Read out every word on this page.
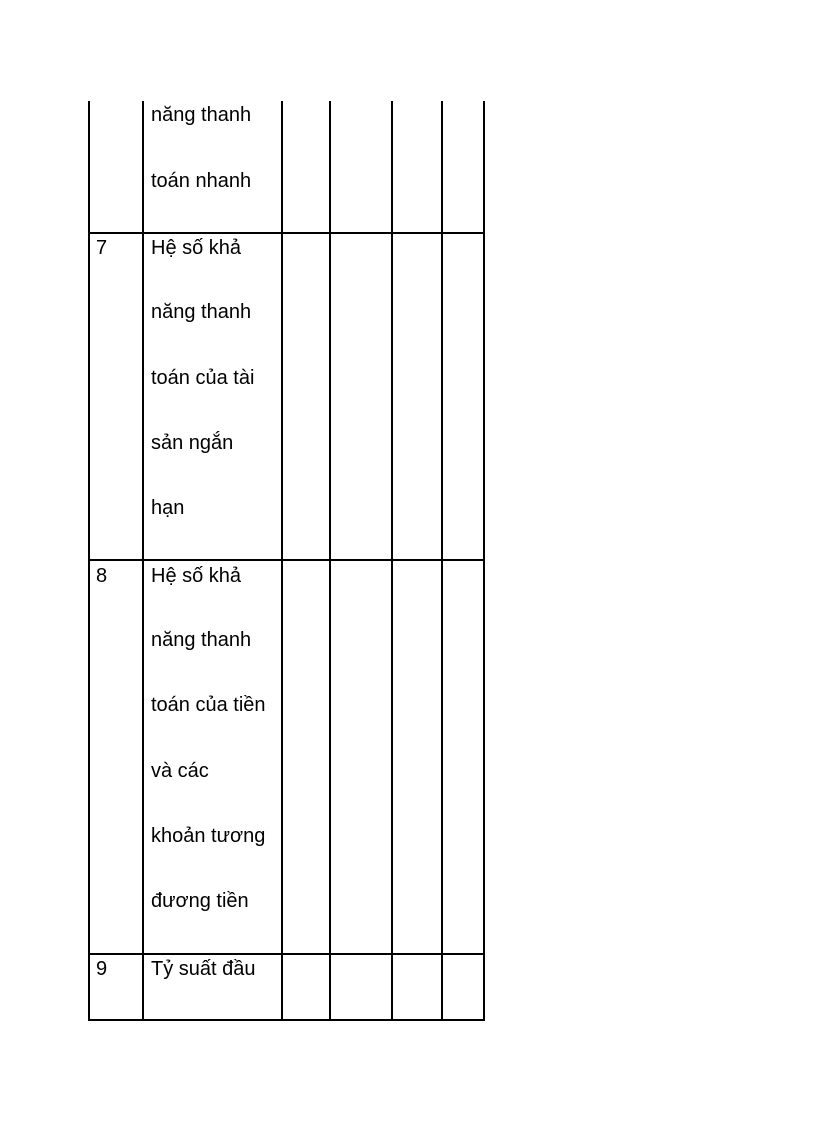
năng thanh
toán nhanh
7 Hệ số khả
năng thanh
toán của tài
sản ngắn
hạn
8 Hệ số khả
năng thanh
toán của tiền
và các
khoản tương
đương tiền
9 Tỷ suất đầu
